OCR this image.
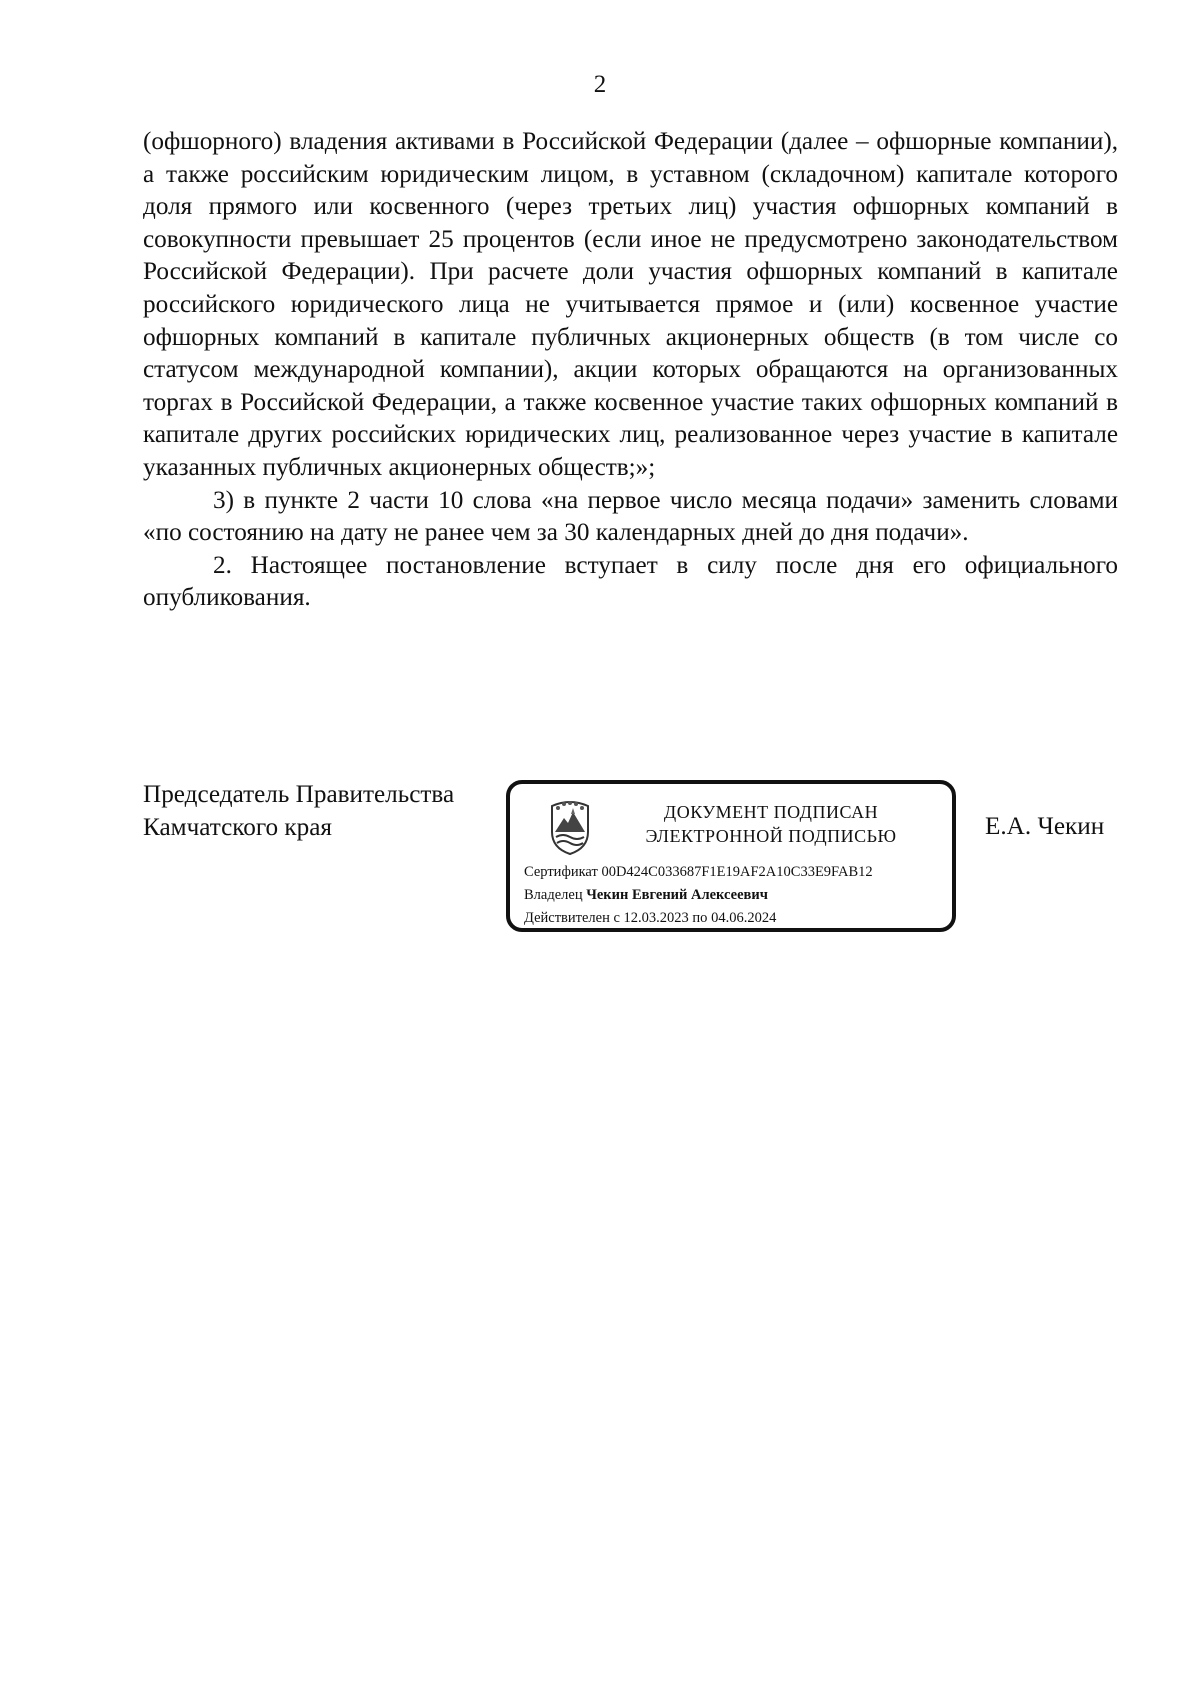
2

(офшорного) владения активами в Российской Федерации (далее – офшорные компании), а также российским юридическим лицом, в уставном (складочном) капитале которого доля прямого или косвенного (через третьих лиц) участия офшорных компаний в совокупности превышает 25 процентов (если иное не предусмотрено законодательством Российской Федерации). При расчете доли участия офшорных компаний в капитале российского юридического лица не учитывается прямое и (или) косвенное участие офшорных компаний в капитале публичных акционерных обществ (в том числе со статусом международной компании), акции которых обращаются на организованных торгах в Российской Федерации, а также косвенное участие таких офшорных компаний в капитале других российских юридических лиц, реализованное через участие в капитале указанных публичных акционерных обществ;»;

3) в пункте 2 части 10 слова «на первое число месяца подачи» заменить словами «по состоянию на дату не ранее чем за 30 календарных дней до дня подачи».

2. Настоящее постановление вступает в силу после дня его официального опубликования.

Председатель Правительства
Камчатского края
ДОКУМЕНТ ПОДПИСАН
ЭЛЕКТРОННОЙ ПОДПИСЬЮ
Сертификат 00D424C033687F1E19AF2A10C33E9FAB12
Владелец Чекин Евгений Алексеевич
Действителен с 12.03.2023 по 04.06.2024
Е.А. Чекин
